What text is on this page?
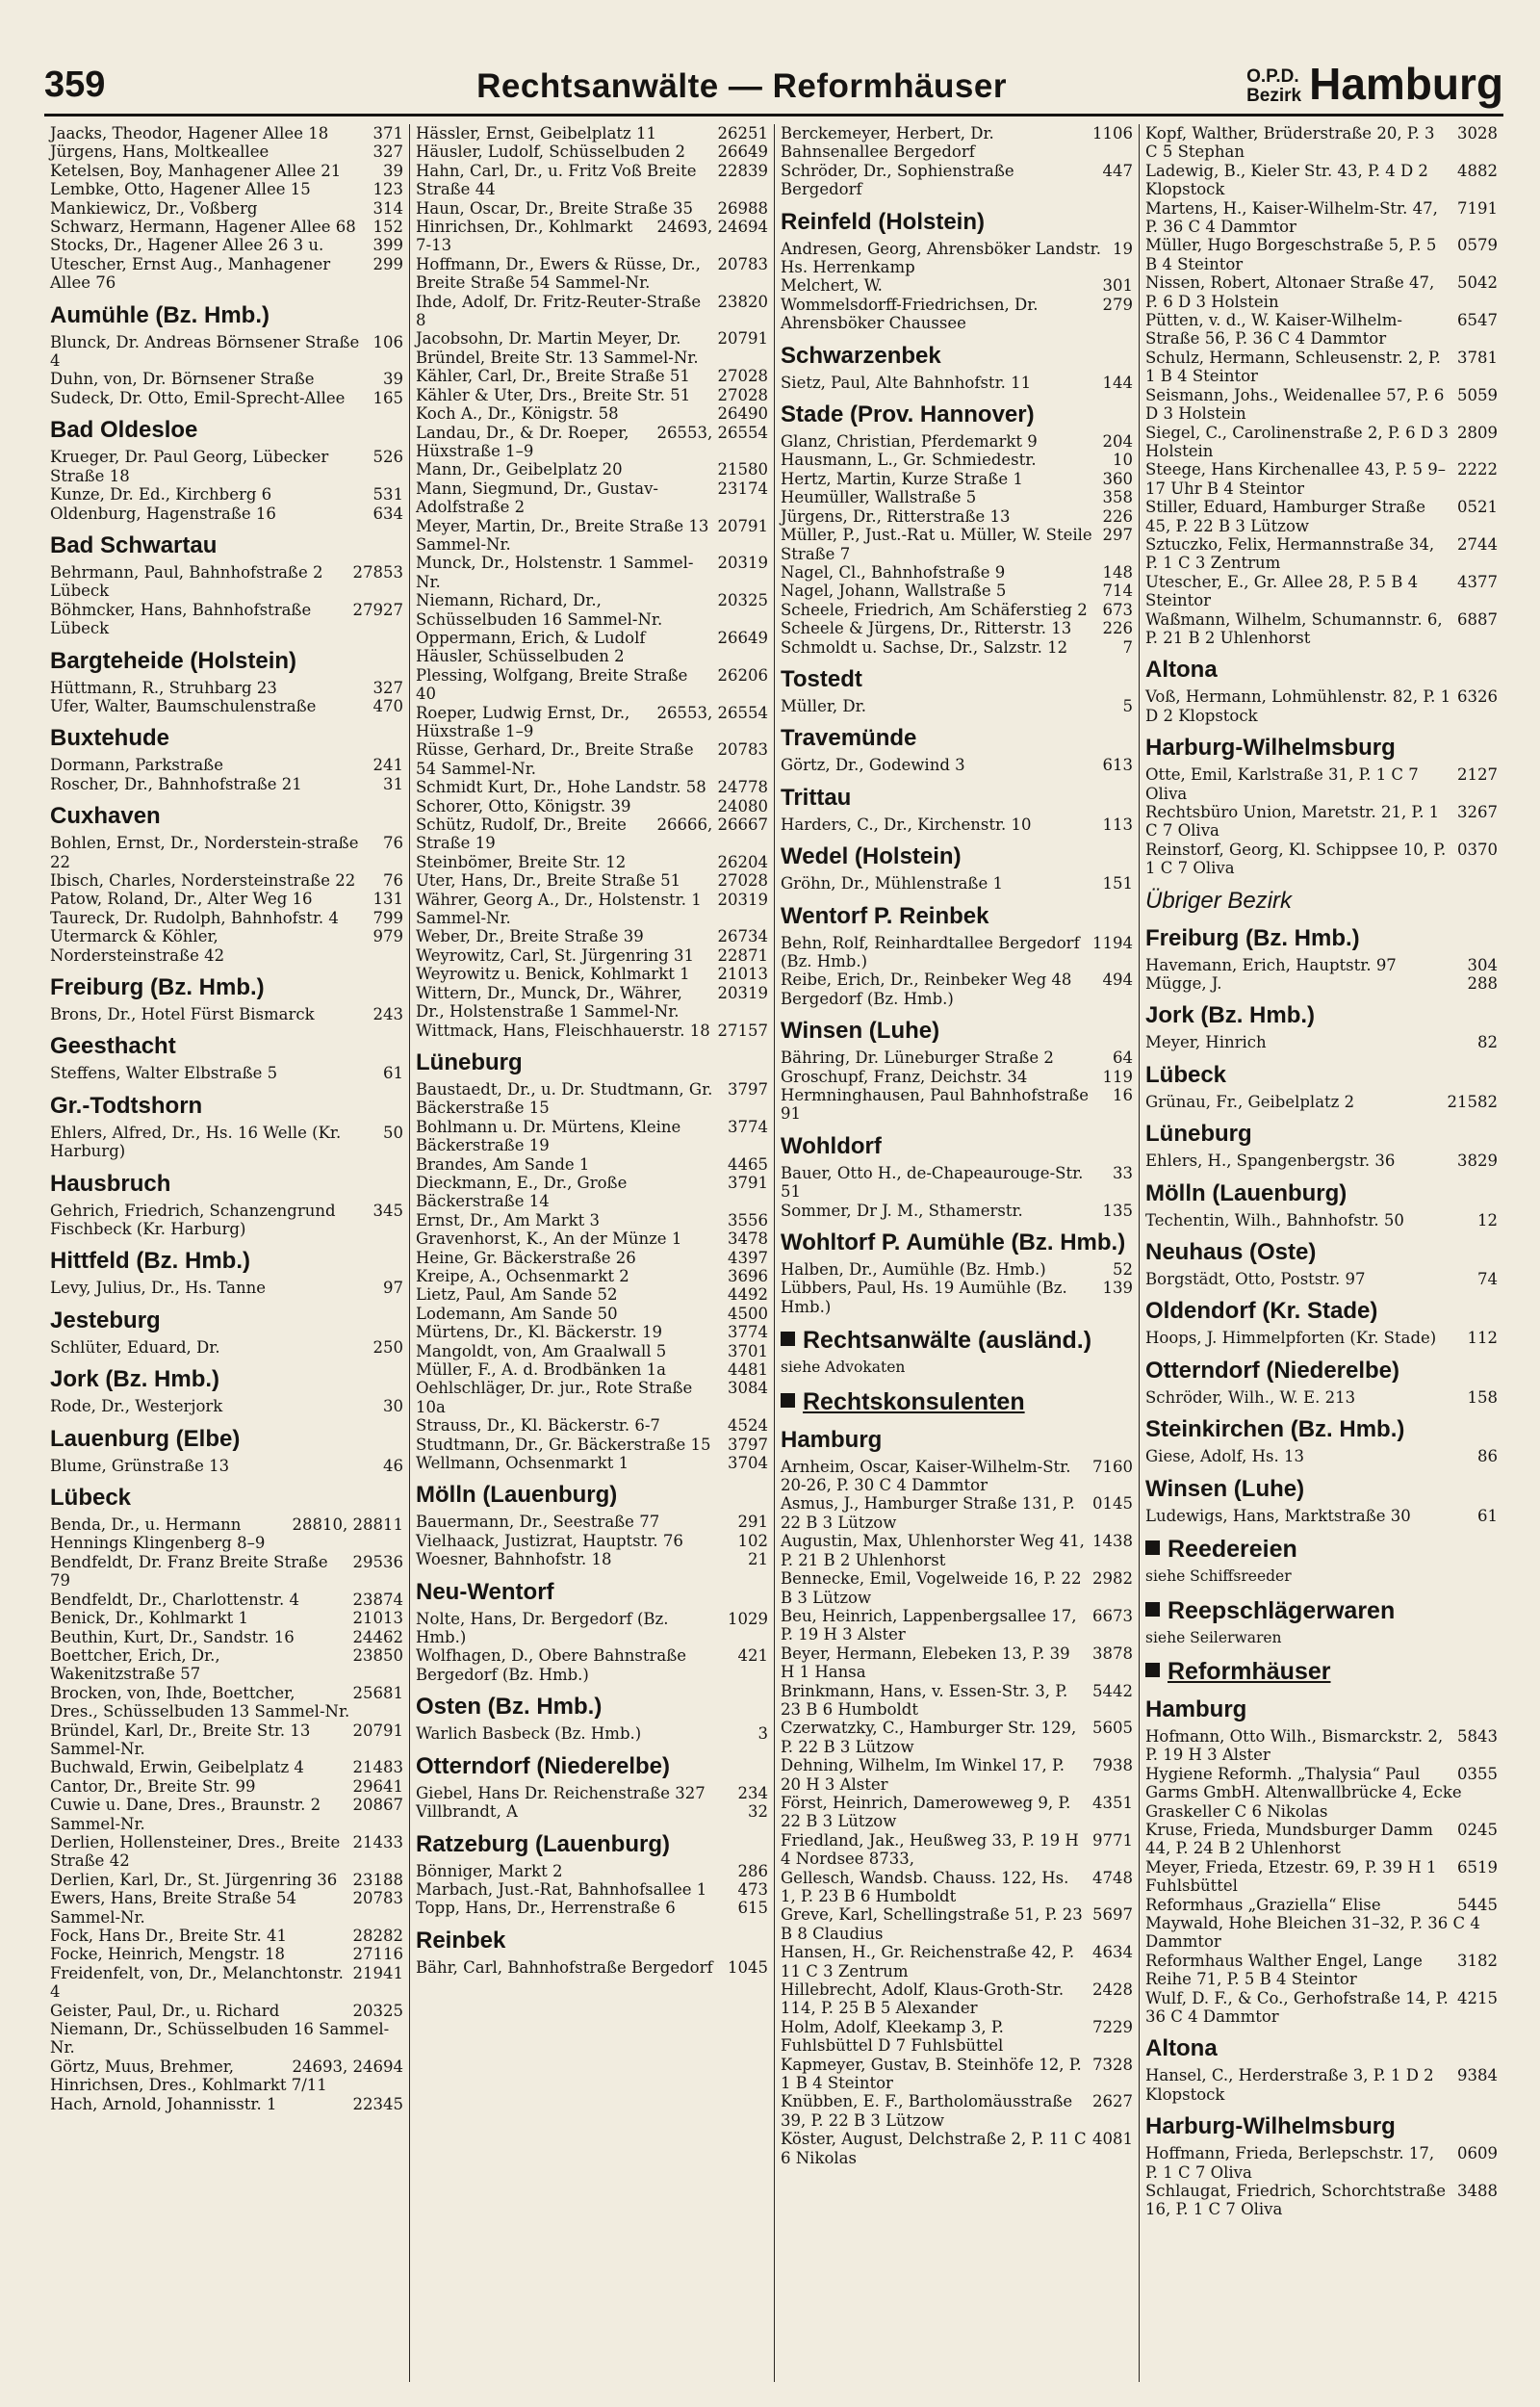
359	Rechtsanwälte — Reformhäuser	O.P.D.
Bezirk Hamburg
371
Jaacks, Theodor, Hagener Allee 18
327
Jürgens, Hans, Moltkeallee
39
Ketelsen, Boy, Manhagener Allee 21
123
Lembke, Otto, Hagener Allee 15
314
Mankiewicz, Dr., Voßberg
152
Schwarz, Hermann, Hagener Allee 68
399
Stocks, Dr., Hagener Allee 26 3 u.
299
Utescher, Ernst Aug., Manhagener Allee 76
Aumühle (Bz. Hmb.)
106
Blunck, Dr. Andreas Börnsener Straße 4
39
Duhn, von, Dr. Börnsener Straße
165
Sudeck, Dr. Otto, Emil-Sprecht-Allee
Bad Oldesloe
526
Krueger, Dr. Paul Georg, Lübecker Straße 18
531
Kunze, Dr. Ed., Kirchberg 6
634
Oldenburg, Hagenstraße 16
Bad Schwartau
27853
Behrmann, Paul, Bahnhofstraße 2 Lübeck
27927
Böhmcker, Hans, Bahnhofstraße Lübeck
Bargteheide (Holstein)
327
Hüttmann, R., Struhbarg 23
470
Ufer, Walter, Baumschulenstraße
Buxtehude
241
Dormann, Parkstraße
31
Roscher, Dr., Bahnhofstraße 21
Cuxhaven
76
Bohlen, Ernst, Dr., Norderstein-straße 22
76
Ibisch, Charles, Nordersteinstraße 22
131
Patow, Roland, Dr., Alter Weg 16
799
Taureck, Dr. Rudolph, Bahnhofstr. 4
979
Utermarck & Köhler, Nordersteinstraße 42
Freiburg (Bz. Hmb.)
243
Brons, Dr., Hotel Fürst Bismarck
Geesthacht
61
Steffens, Walter Elbstraße 5
Gr.-Todtshorn
50
Ehlers, Alfred, Dr., Hs. 16 Welle (Kr. Harburg)
Hausbruch
345
Gehrich, Friedrich, Schanzengrund Fischbeck (Kr. Harburg)
Hittfeld (Bz. Hmb.)
97
Levy, Julius, Dr., Hs. Tanne
Jesteburg
250
Schlüter, Eduard, Dr.
Jork (Bz. Hmb.)
30
Rode, Dr., Westerjork
Lauenburg (Elbe)
46
Blume, Grünstraße 13
Lübeck
28810, 28811
Benda, Dr., u. Hermann Hennings Klingenberg 8–9
29536
Bendfeldt, Dr. Franz Breite Straße 79
23874
Bendfeldt, Dr., Charlottenstr. 4
21013
Benick, Dr., Kohlmarkt 1
24462
Beuthin, Kurt, Dr., Sandstr. 16
23850
Boettcher, Erich, Dr., Wakenitzstraße 57
25681
Brocken, von, Ihde, Boettcher, Dres., Schüsselbuden 13 Sammel-Nr.
20791
Bründel, Karl, Dr., Breite Str. 13 Sammel-Nr.
21483
Buchwald, Erwin, Geibelplatz 4
29641
Cantor, Dr., Breite Str. 99
20867
Cuwie u. Dane, Dres., Braunstr. 2 Sammel-Nr.
21433
Derlien, Hollensteiner, Dres., Breite Straße 42
23188
Derlien, Karl, Dr., St. Jürgenring 36
20783
Ewers, Hans, Breite Straße 54 Sammel-Nr.
28282
Fock, Hans Dr., Breite Str. 41
27116
Focke, Heinrich, Mengstr. 18
21941
Freidenfelt, von, Dr., Melanchtonstr. 4
20325
Geister, Paul, Dr., u. Richard Niemann, Dr., Schüsselbuden 16 Sammel-Nr.
24693, 24694
Görtz, Muus, Brehmer, Hinrichsen, Dres., Kohlmarkt 7/11
22345
Hach, Arnold, Johannisstr. 1
26251
Hässler, Ernst, Geibelplatz 11
26649
Häusler, Ludolf, Schüsselbuden 2
22839
Hahn, Carl, Dr., u. Fritz Voß Breite Straße 44
26988
Haun, Oscar, Dr., Breite Straße 35
24693, 24694
Hinrichsen, Dr., Kohlmarkt 7-13
20783
Hoffmann, Dr., Ewers & Rüsse, Dr., Breite Straße 54 Sammel-Nr.
23820
Ihde, Adolf, Dr. Fritz-Reuter-Straße 8
20791
Jacobsohn, Dr. Martin Meyer, Dr. Bründel, Breite Str. 13 Sammel-Nr.
27028
Kähler, Carl, Dr., Breite Straße 51
27028
Kähler & Uter, Drs., Breite Str. 51
26490
Koch A., Dr., Königstr. 58
26553, 26554
Landau, Dr., & Dr. Roeper, Hüxstraße 1–9
21580
Mann, Dr., Geibelplatz 20
23174
Mann, Siegmund, Dr., Gustav-Adolfstraße 2
20791
Meyer, Martin, Dr., Breite Straße 13 Sammel-Nr.
20319
Munck, Dr., Holstenstr. 1 Sammel-Nr.
20325
Niemann, Richard, Dr., Schüsselbuden 16 Sammel-Nr.
26649
Oppermann, Erich, & Ludolf Häusler, Schüsselbuden 2
26206
Plessing, Wolfgang, Breite Straße 40
26553, 26554
Roeper, Ludwig Ernst, Dr., Hüxstraße 1–9
20783
Rüsse, Gerhard, Dr., Breite Straße 54 Sammel-Nr.
24778
Schmidt Kurt, Dr., Hohe Landstr. 58
24080
Schorer, Otto, Königstr. 39
26666, 26667
Schütz, Rudolf, Dr., Breite Straße 19
26204
Steinbömer, Breite Str. 12
27028
Uter, Hans, Dr., Breite Straße 51
20319
Währer, Georg A., Dr., Holstenstr. 1 Sammel-Nr.
26734
Weber, Dr., Breite Straße 39
22871
Weyrowitz, Carl, St. Jürgenring 31
21013
Weyrowitz u. Benick, Kohlmarkt 1
20319
Wittern, Dr., Munck, Dr., Währer, Dr., Holstenstraße 1 Sammel-Nr.
27157
Wittmack, Hans, Fleischhauerstr. 18
Lüneburg
3797
Baustaedt, Dr., u. Dr. Studtmann, Gr. Bäckerstraße 15
3774
Bohlmann u. Dr. Mürtens, Kleine Bäckerstraße 19
4465
Brandes, Am Sande 1
3791
Dieckmann, E., Dr., Große Bäckerstraße 14
3556
Ernst, Dr., Am Markt 3
3478
Gravenhorst, K., An der Münze 1
4397
Heine, Gr. Bäckerstraße 26
3696
Kreipe, A., Ochsenmarkt 2
4492
Lietz, Paul, Am Sande 52
4500
Lodemann, Am Sande 50
3774
Mürtens, Dr., Kl. Bäckerstr. 19
3701
Mangoldt, von, Am Graalwall 5
4481
Müller, F., A. d. Brodbänken 1a
3084
Oehlschläger, Dr. jur., Rote Straße 10a
4524
Strauss, Dr., Kl. Bäckerstr. 6-7
3797
Studtmann, Dr., Gr. Bäckerstraße 15
3704
Wellmann, Ochsenmarkt 1
Mölln (Lauenburg)
291
Bauermann, Dr., Seestraße 77
102
Vielhaack, Justizrat, Hauptstr. 76
21
Woesner, Bahnhofstr. 18
Neu-Wentorf
1029
Nolte, Hans, Dr. Bergedorf (Bz. Hmb.)
421
Wolfhagen, D., Obere Bahnstraße Bergedorf (Bz. Hmb.)
Osten (Bz. Hmb.)
3
Warlich Basbeck (Bz. Hmb.)
Otterndorf (Niederelbe)
234
Giebel, Hans Dr. Reichenstraße 327
32
Villbrandt, A
Ratzeburg (Lauenburg)
286
Bönniger, Markt 2
473
Marbach, Just.-Rat, Bahnhofsallee 1
615
Topp, Hans, Dr., Herrenstraße 6
Reinbek
1045
Bähr, Carl, Bahnhofstraße Bergedorf
1106
Berckemeyer, Herbert, Dr. Bahnsenallee Bergedorf
447
Schröder, Dr., Sophienstraße Bergedorf
Reinfeld (Holstein)
19
Andresen, Georg, Ahrensböker Landstr. Hs. Herrenkamp
301
Melchert, W.
279
Wommelsdorff-Friedrichsen, Dr. Ahrensböker Chaussee
Schwarzenbek
144
Sietz, Paul, Alte Bahnhofstr. 11
Stade (Prov. Hannover)
204
Glanz, Christian, Pferdemarkt 9
10
Hausmann, L., Gr. Schmiedestr.
360
Hertz, Martin, Kurze Straße 1
358
Heumüller, Wallstraße 5
226
Jürgens, Dr., Ritterstraße 13
297
Müller, P., Just.-Rat u. Müller, W. Steile Straße 7
148
Nagel, Cl., Bahnhofstraße 9
714
Nagel, Johann, Wallstraße 5
673
Scheele, Friedrich, Am Schäferstieg 2
226
Scheele & Jürgens, Dr., Ritterstr. 13
7
Schmoldt u. Sachse, Dr., Salzstr. 12
Tostedt
5
Müller, Dr.
Travemünde
613
Görtz, Dr., Godewind 3
Trittau
113
Harders, C., Dr., Kirchenstr. 10
Wedel (Holstein)
151
Gröhn, Dr., Mühlenstraße 1
Wentorf P. Reinbek
1194
Behn, Rolf, Reinhardtallee Bergedorf (Bz. Hmb.)
494
Reibe, Erich, Dr., Reinbeker Weg 48 Bergedorf (Bz. Hmb.)
Winsen (Luhe)
64
Bähring, Dr. Lüneburger Straße 2
119
Groschupf, Franz, Deichstr. 34
16
Hermninghausen, Paul Bahnhofstraße 91
Wohldorf
33
Bauer, Otto H., de-Chapeaurouge-Str. 51
135
Sommer, Dr J. M., Sthamerstr.
Wohltorf P. Aumühle (Bz. Hmb.)
52
Halben, Dr., Aumühle (Bz. Hmb.)
139
Lübbers, Paul, Hs. 19 Aumühle (Bz. Hmb.)
Rechtsanwälte (ausländ.)
siehe Advokaten
Rechtskonsulenten
Hamburg
7160
Arnheim, Oscar, Kaiser-Wilhelm-Str. 20-26, P. 30 C 4 Dammtor
0145
Asmus, J., Hamburger Straße 131, P. 22 B 3 Lützow
1438
Augustin, Max, Uhlenhorster Weg 41, P. 21 B 2 Uhlenhorst
2982
Bennecke, Emil, Vogelweide 16, P. 22 B 3 Lützow
6673
Beu, Heinrich, Lappenbergsallee 17, P. 19 H 3 Alster
3878
Beyer, Hermann, Elebeken 13, P. 39 H 1 Hansa
5442
Brinkmann, Hans, v. Essen-Str. 3, P. 23 B 6 Humboldt
5605
Czerwatzky, C., Hamburger Str. 129, P. 22 B 3 Lützow
7938
Dehning, Wilhelm, Im Winkel 17, P. 20 H 3 Alster
4351
Först, Heinrich, Dameroweweg 9, P. 22 B 3 Lützow
9771
Friedland, Jak., Heußweg 33, P. 19 H 4 Nordsee 8733,
4748
Gellesch, Wandsb. Chauss. 122, Hs. 1, P. 23 B 6 Humboldt
5697
Greve, Karl, Schellingstraße 51, P. 23 B 8 Claudius
4634
Hansen, H., Gr. Reichenstraße 42, P. 11 C 3 Zentrum
2428
Hillebrecht, Adolf, Klaus-Groth-Str. 114, P. 25 B 5 Alexander
7229
Holm, Adolf, Kleekamp 3, P. Fuhlsbüttel D 7 Fuhlsbüttel
7328
Kapmeyer, Gustav, B. Steinhöfe 12, P. 1 B 4 Steintor
2627
Knübben, E. F., Bartholomäusstraße 39, P. 22 B 3 Lützow
4081
Köster, August, Delchstraße 2, P. 11 C 6 Nikolas
3028
Kopf, Walther, Brüderstraße 20, P. 3 C 5 Stephan
4882
Ladewig, B., Kieler Str. 43, P. 4 D 2 Klopstock
7191
Martens, H., Kaiser-Wilhelm-Str. 47, P. 36 C 4 Dammtor
0579
Müller, Hugo Borgeschstraße 5, P. 5 B 4 Steintor
5042
Nissen, Robert, Altonaer Straße 47, P. 6 D 3 Holstein
6547
Pütten, v. d., W. Kaiser-Wilhelm-Straße 56, P. 36 C 4 Dammtor
3781
Schulz, Hermann, Schleusenstr. 2, P. 1 B 4 Steintor
5059
Seismann, Johs., Weidenallee 57, P. 6 D 3 Holstein
2809
Siegel, C., Carolinenstraße 2, P. 6 D 3 Holstein
2222
Steege, Hans Kirchenallee 43, P. 5 9–17 Uhr B 4 Steintor
0521
Stiller, Eduard, Hamburger Straße 45, P. 22 B 3 Lützow
2744
Sztuczko, Felix, Hermannstraße 34, P. 1 C 3 Zentrum
4377
Utescher, E., Gr. Allee 28, P. 5 B 4 Steintor
6887
Waßmann, Wilhelm, Schumannstr. 6, P. 21 B 2 Uhlenhorst
Altona
6326
Voß, Hermann, Lohmühlenstr. 82, P. 1 D 2 Klopstock
Harburg-Wilhelmsburg
2127
Otte, Emil, Karlstraße 31, P. 1 C 7 Oliva
3267
Rechtsbüro Union, Maretstr. 21, P. 1 C 7 Oliva
0370
Reinstorf, Georg, Kl. Schippsee 10, P. 1 C 7 Oliva
Übriger Bezirk
Freiburg (Bz. Hmb.)
304
Havemann, Erich, Hauptstr. 97
288
Mügge, J.
Jork (Bz. Hmb.)
82
Meyer, Hinrich
Lübeck
21582
Grünau, Fr., Geibelplatz 2
Lüneburg
3829
Ehlers, H., Spangenbergstr. 36
Mölln (Lauenburg)
12
Techentin, Wilh., Bahnhofstr. 50
Neuhaus (Oste)
74
Borgstädt, Otto, Poststr. 97
Oldendorf (Kr. Stade)
112
Hoops, J. Himmelpforten (Kr. Stade)
Otterndorf (Niederelbe)
158
Schröder, Wilh., W. E. 213
Steinkirchen (Bz. Hmb.)
86
Giese, Adolf, Hs. 13
Winsen (Luhe)
61
Ludewigs, Hans, Marktstraße 30
Reedereien
siehe Schiffsreeder
Reepschlägerwaren
siehe Seilerwaren
Reformhäuser
Hamburg
5843
Hofmann, Otto Wilh., Bismarckstr. 2, P. 19 H 3 Alster
0355
Hygiene Reformh. „Thalysia“ Paul Garms GmbH. Altenwallbrücke 4, Ecke Graskeller C 6 Nikolas
0245
Kruse, Frieda, Mundsburger Damm 44, P. 24 B 2 Uhlenhorst
6519
Meyer, Frieda, Etzestr. 69, P. 39 H 1 Fuhlsbüttel
5445
Reformhaus „Graziella“ Elise Maywald, Hohe Bleichen 31–32, P. 36 C 4 Dammtor
3182
Reformhaus Walther Engel, Lange Reihe 71, P. 5 B 4 Steintor
4215
Wulf, D. F., & Co., Gerhofstraße 14, P. 36 C 4 Dammtor
Altona
9384
Hansel, C., Herderstraße 3, P. 1 D 2 Klopstock
Harburg-Wilhelmsburg
0609
Hoffmann, Frieda, Berlepschstr. 17, P. 1 C 7 Oliva
3488
Schlaugat, Friedrich, Schorchtstraße 16, P. 1 C 7 Oliva
